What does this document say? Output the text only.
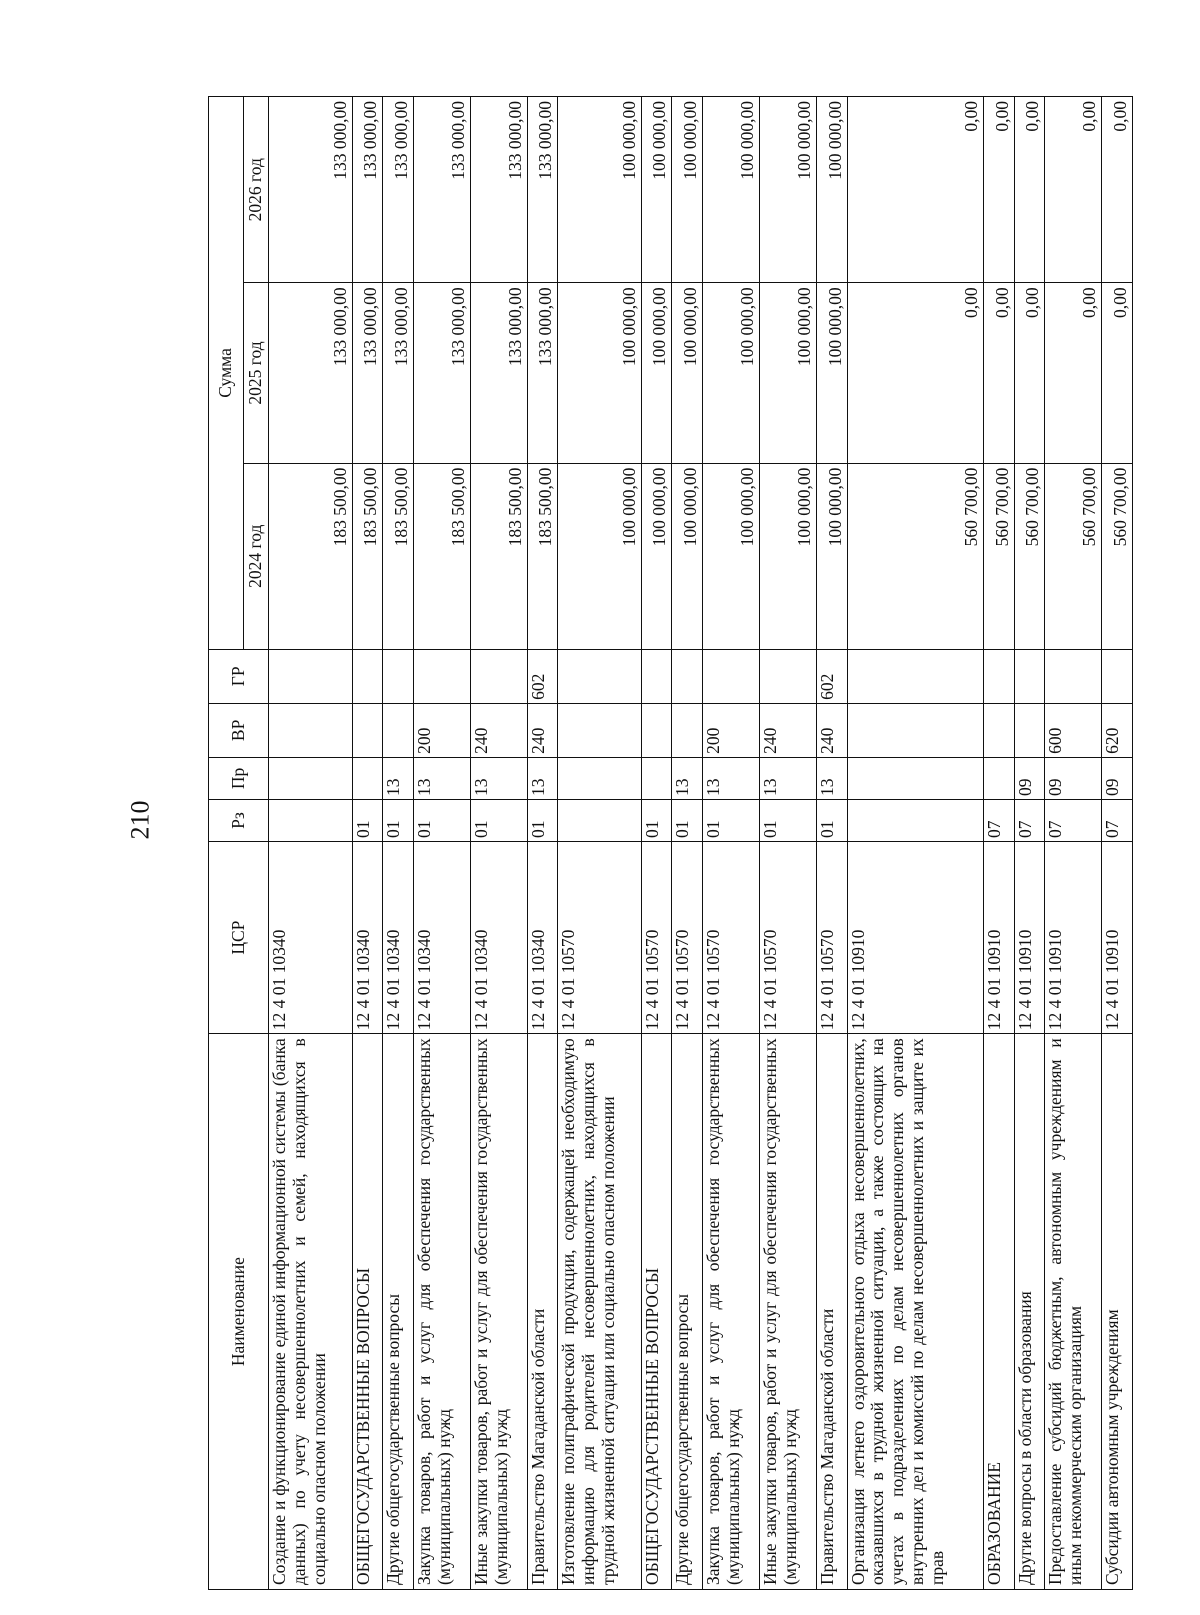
210
Наименование	ЦСР	Рз	Пр	ВР	ГР	Сумма		
						2024 год	2025 год	2026 год
Создание и функционирование единой информационной системы (банка данных) по учету несовершеннолетних и семей, находящихся в социально опасном положении	12 4 01 10340					183 500,00	133 000,00	133 000,00
ОБЩЕГОСУДАРСТВЕННЫЕ ВОПРОСЫ	12 4 01 10340	01				183 500,00	133 000,00	133 000,00
Другие общегосударственные вопросы	12 4 01 10340	01	13			183 500,00	133 000,00	133 000,00
Закупка товаров, работ и услуг для обеспечения государственных (муниципальных) нужд	12 4 01 10340	01	13	200		183 500,00	133 000,00	133 000,00
Иные закупки товаров, работ и услуг для обеспечения государственных (муниципальных) нужд	12 4 01 10340	01	13	240		183 500,00	133 000,00	133 000,00
Правительство Магаданской области	12 4 01 10340	01	13	240	602	183 500,00	133 000,00	133 000,00
Изготовление полиграфической продукции, содержащей необходимую информацию для родителей несовершеннолетних, находящихся в трудной жизненной ситуации или социально опасном положении	12 4 01 10570					100 000,00	100 000,00	100 000,00
ОБЩЕГОСУДАРСТВЕННЫЕ ВОПРОСЫ	12 4 01 10570	01				100 000,00	100 000,00	100 000,00
Другие общегосударственные вопросы	12 4 01 10570	01	13			100 000,00	100 000,00	100 000,00
Закупка товаров, работ и услуг для обеспечения государственных (муниципальных) нужд	12 4 01 10570	01	13	200		100 000,00	100 000,00	100 000,00
Иные закупки товаров, работ и услуг для обеспечения государственных (муниципальных) нужд	12 4 01 10570	01	13	240		100 000,00	100 000,00	100 000,00
Правительство Магаданской области	12 4 01 10570	01	13	240	602	100 000,00	100 000,00	100 000,00
Организация летнего оздоровительного отдыха несовершеннолетних, оказавшихся в трудной жизненной ситуации, а также состоящих на учетах в подразделениях по делам несовершеннолетних органов внутренних дел и комиссий по делам несовершеннолетних и защите их прав	12 4 01 10910					560 700,00	0,00	0,00
ОБРАЗОВАНИЕ	12 4 01 10910	07				560 700,00	0,00	0,00
Другие вопросы в области образования	12 4 01 10910	07	09			560 700,00	0,00	0,00
Предоставление субсидий бюджетным, автономным учреждениям и иным некоммерческим организациям	12 4 01 10910	07	09	600		560 700,00	0,00	0,00
Субсидии автономным учреждениям	12 4 01 10910	07	09	620		560 700,00	0,00	0,00
